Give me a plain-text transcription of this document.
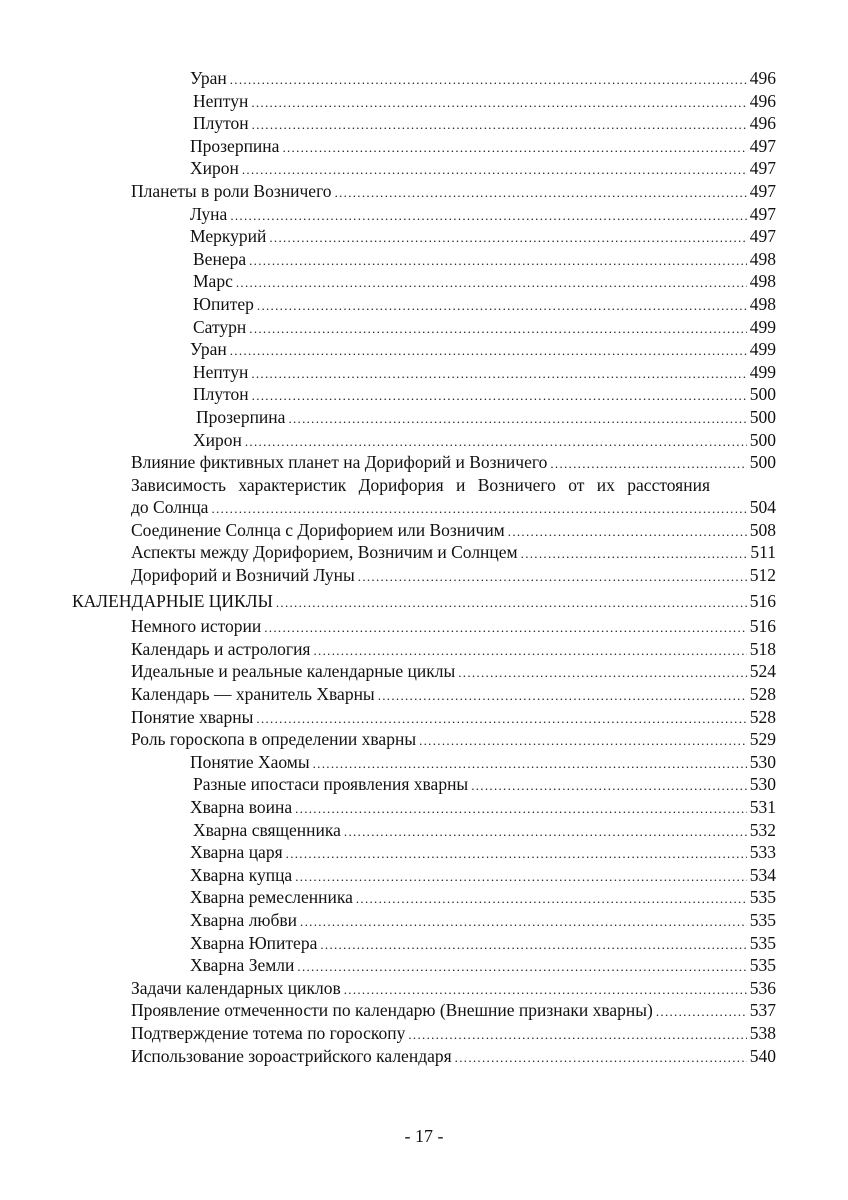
Уран .....	496
Нептун .....	496
Плутон .....	496
Прозерпина .....	497
Хирон .....	497
Планеты в роли Возничего .....	497
Луна .....	497
Меркурий .....	497
Венера .....	498
Марс .....	498
Юпитер .....	498
Сатурн .....	499
Уран .....	499
Нептун .....	499
Плутон .....	500
Прозерпина .....	500
Хирон .....	500
Влияние фиктивных планет на Дорифорий и Возничего .....	500
Зависимость характеристик Дорифория и Возничего от их расстояния
до Солнца .....	504
Соединение Солнца с Дорифорием или Возничим .....	508
Аспекты между Дорифорием, Возничим и Солнцем .....	511
Дорифорий и Возничий Луны .....	512
КАЛЕНДАРНЫЕ ЦИКЛЫ .....	516
Немного истории .....	516
Календарь и астрология .....	518
Идеальные и реальные календарные циклы .....	524
Календарь — хранитель Хварны .....	528
Понятие хварны .....	528
Роль гороскопа в определении хварны .....	529
Понятие Хаомы .....	530
Разные ипостаси проявления хварны .....	530
Хварна воина .....	531
Хварна священника .....	532
Хварна царя .....	533
Хварна купца .....	534
Хварна ремесленника .....	535
Хварна любви .....	535
Хварна Юпитера .....	535
Хварна Земли .....	535
Задачи календарных циклов .....	536
Проявление отмеченности по календарю (Внешние признаки хварны) .....	537
Подтверждение тотема по гороскопу .....	538
Использование зороастрийского календаря .....	540
- 17 -
